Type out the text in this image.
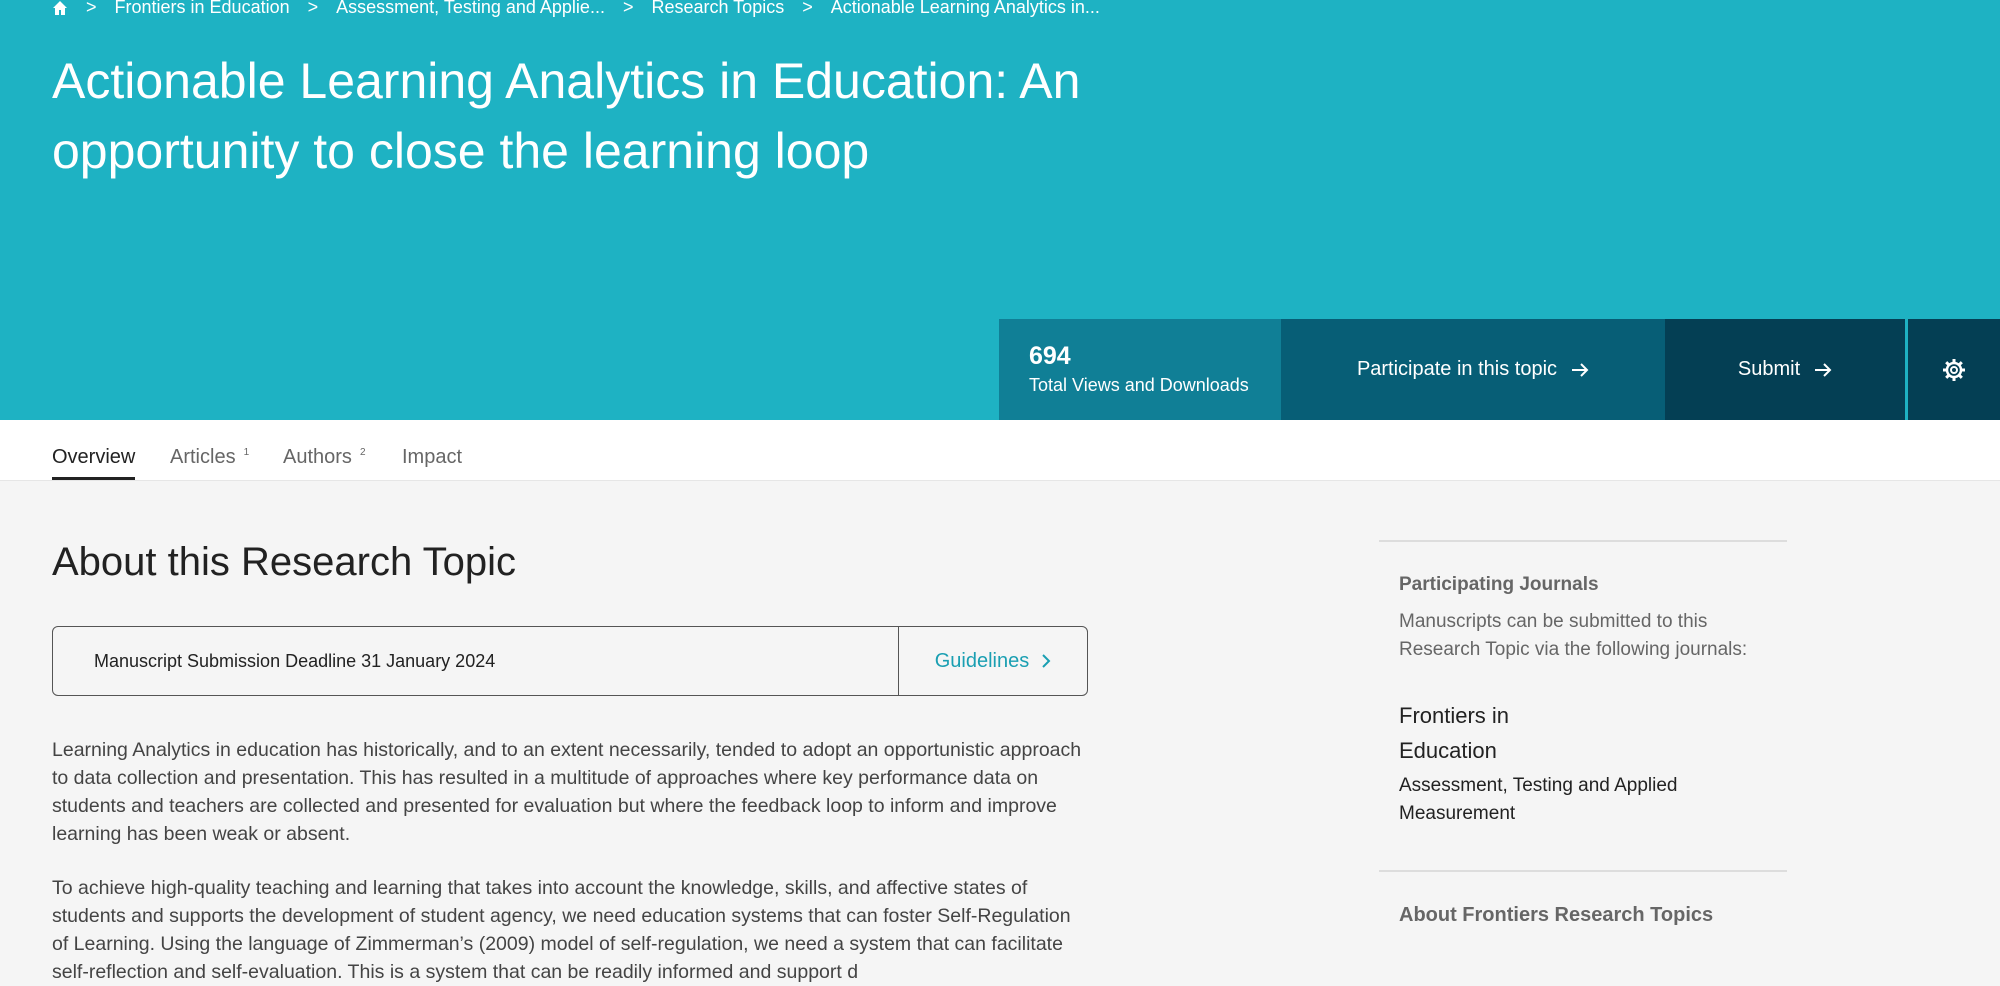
> Frontiers in Education > Assessment, Testing and Applie... > Research Topics > Actionable Learning Analytics in...
Actionable Learning Analytics in Education: An opportunity to close the learning loop
694
Total Views and Downloads
Participate in this topic	Submit
Overview Articles $^1$ Authors $^2$ Impact
About this Research Topic
Manuscript Submission Deadline 31 January 2024	Guidelines

Learning Analytics in education has historically, and to an extent necessarily, tended to adopt an opportunistic approach to data collection and presentation. This has resulted in a multitude of approaches where key performance data on students and teachers are collected and presented for evaluation but where the feedback loop to inform and improve learning has been weak or absent.

To achieve high-quality teaching and learning that takes into account the knowledge, skills, and affective states of students and supports the development of student agency, we need education systems that can foster Self-Regulation of Learning. Using the language of Zimmerman’s (2009) model of self-regulation, we need a system that can facilitate self-reflection and self-evaluation. This is a system that can be readily informed and support d

Participating Journals
Manuscripts can be submitted to this Research Topic via the following journals:
Frontiers in Education
Assessment, Testing and Applied Measurement
About Frontiers Research Topics
